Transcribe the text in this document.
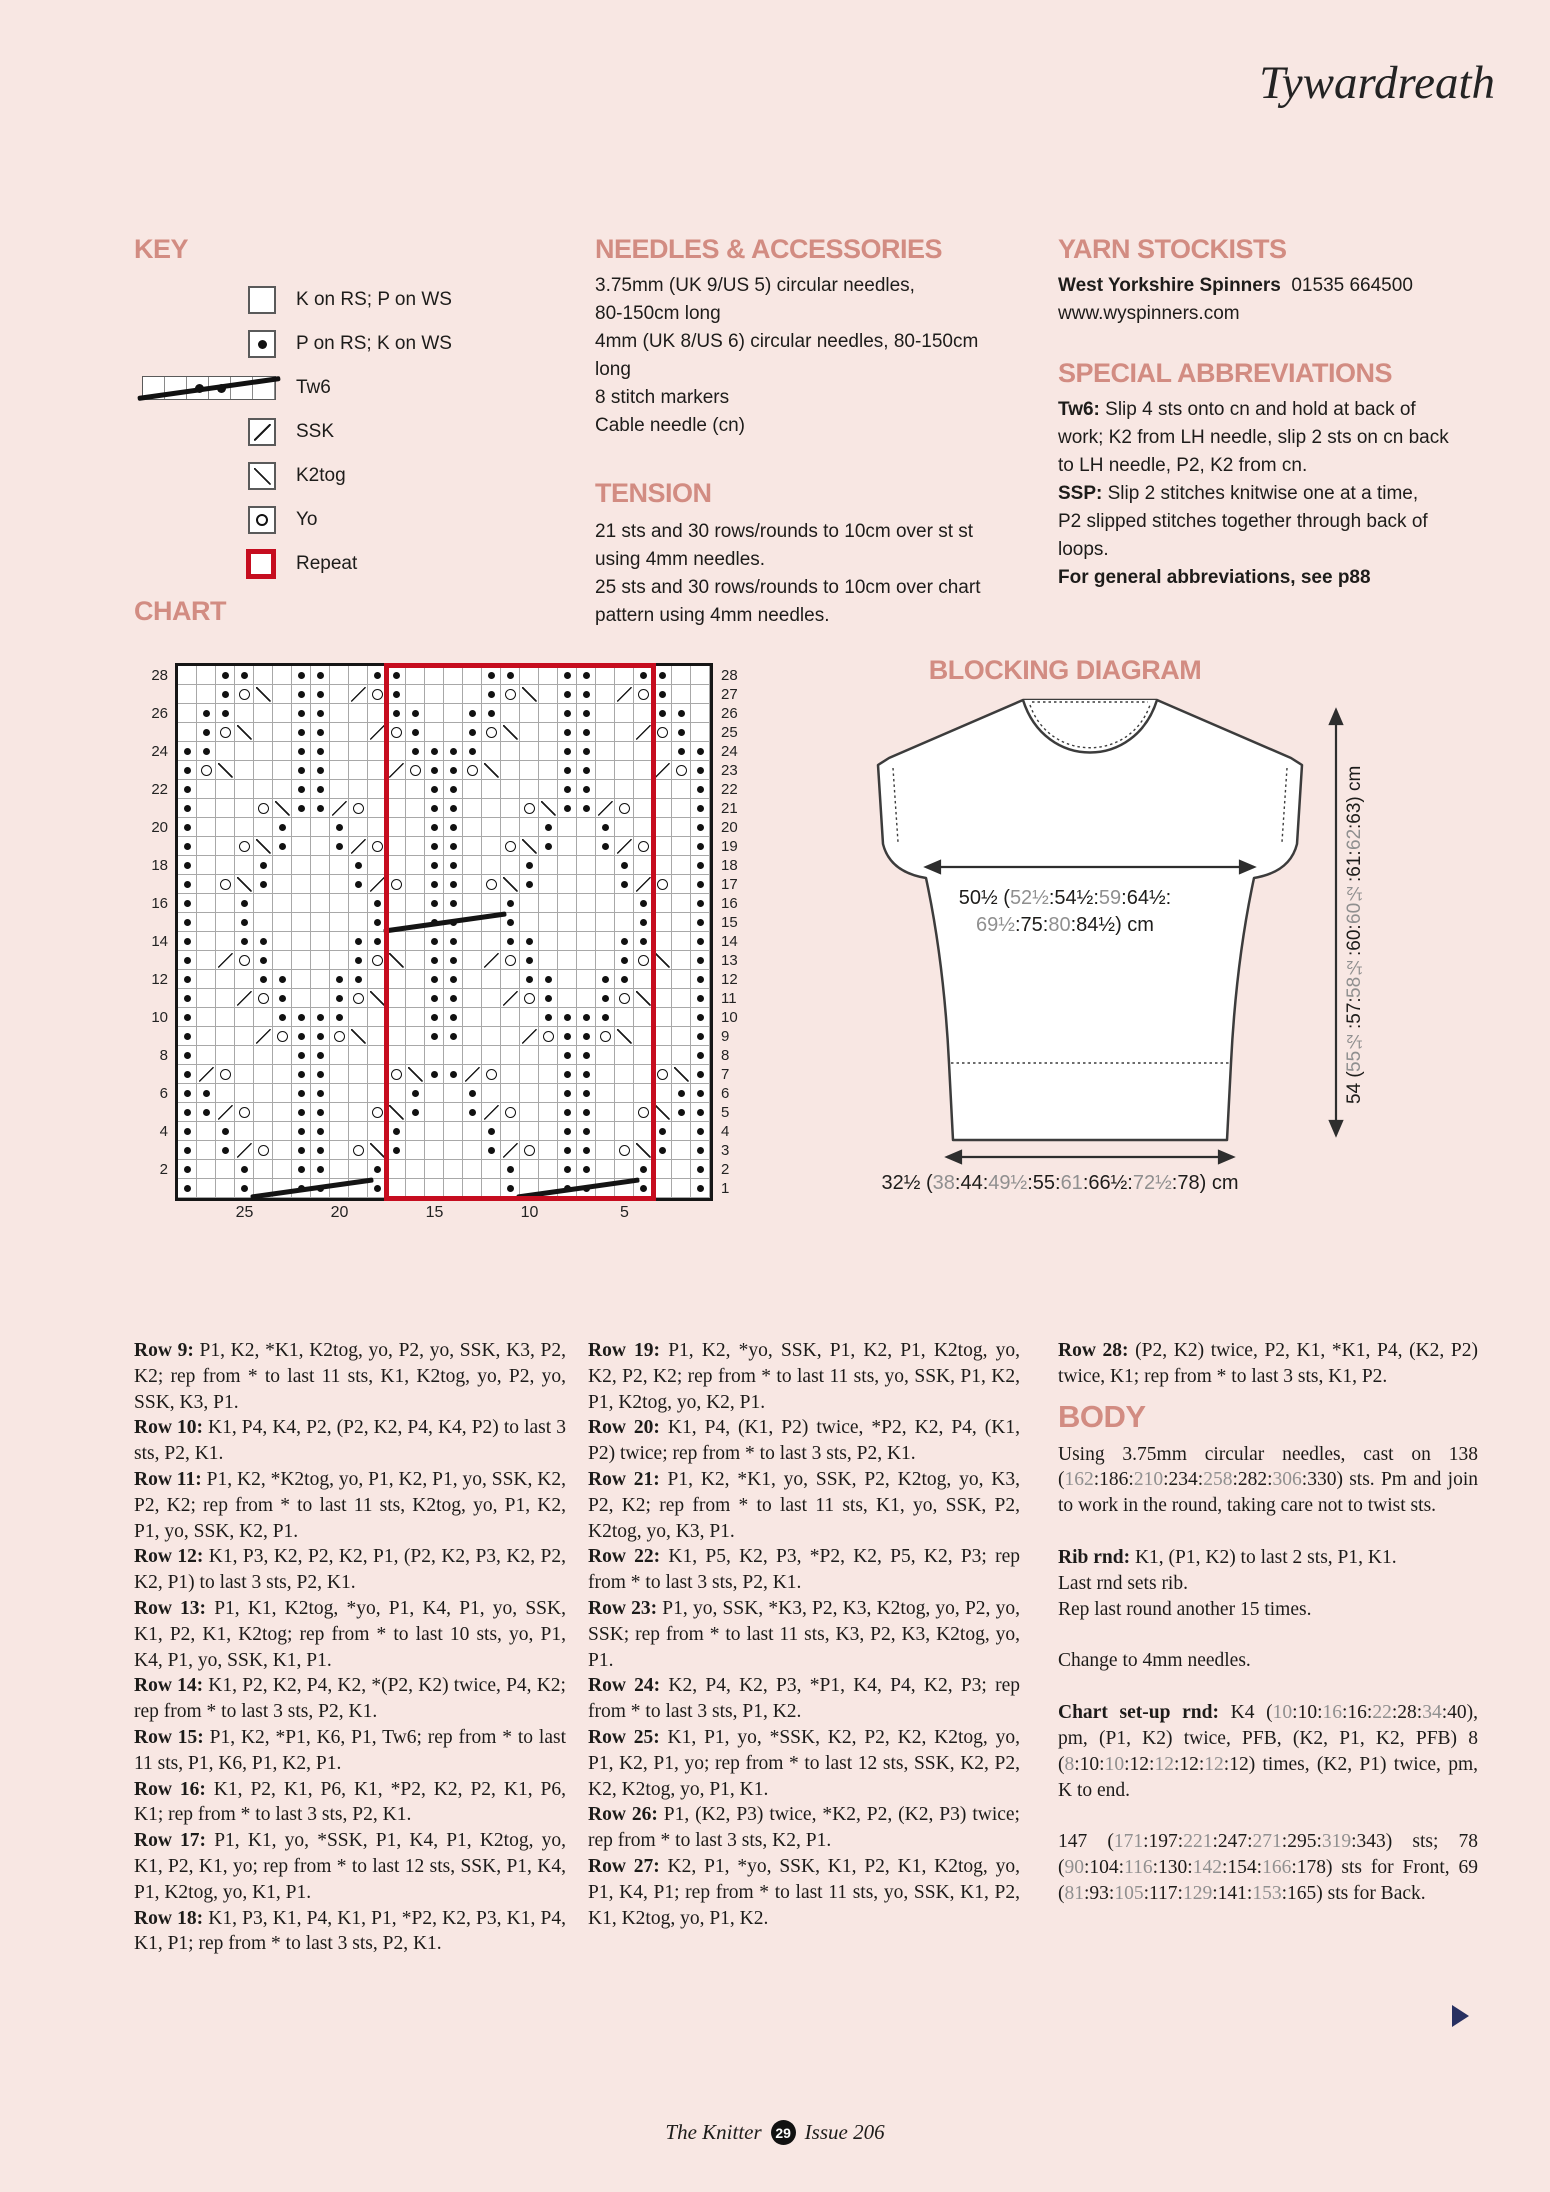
Tywardreath
KEY
K on RS; P on WS
P on RS; K on WS
Tw6
SSK
K2tog
Yo
Repeat
CHART
28
28
27
26
26
25
24
24
23
22
22
21
20
20
19
18
18
17
16
16
15
14
14
13
12
12
11
10
10
9
8
8
7
6
6
5
4
4
3
2
2
1
25	20	15	10	5
NEEDLES & ACCESSORIES
3.75mm (UK 9/US 5) circular needles,
80-150cm long
4mm (UK 8/US 6) circular needles, 80-150cm
long
8 stitch markers
Cable needle (cn)
TENSION
21 sts and 30 rows/rounds to 10cm over st st
using 4mm needles.
25 sts and 30 rows/rounds to 10cm over chart
pattern using 4mm needles.
YARN STOCKISTS
West Yorkshire Spinners  01535 664500
www.wyspinners.com
SPECIAL ABBREVIATIONS
Tw6: Slip 4 sts onto cn and hold at back of
work; K2 from LH needle, slip 2 sts on cn back
to LH needle, P2, K2 from cn.
SSP: Slip 2 stitches knitwise one at a time,
P2 slipped stitches together through back of
loops.
For general abbreviations, see p88
BLOCKING DIAGRAM
50½ (52½:54½:59:64½:
69½:75:80:84½) cm
54 (
55½
:57:
58½
:60:
60½
:61:
62
:63) cm
32½ (38:44:49½:55:61:66½:72½:78) cm

Row 9: P1, K2, *K1, K2tog, yo, P2, yo, SSK, K3, P2, K2; rep from * to last 11 sts, K1, K2tog, yo, P2, yo, SSK, K3, P1.

Row 10: K1, P4, K4, P2, (P2, K2, P4, K4, P2) to last 3 sts, P2, K1.

Row 11: P1, K2, *K2tog, yo, P1, K2, P1, yo, SSK, K2, P2, K2; rep from * to last 11 sts, K2tog, yo, P1, K2, P1, yo, SSK, K2, P1.

Row 12: K1, P3, K2, P2, K2, P1, (P2, K2, P3, K2, P2, K2, P1) to last 3 sts, P2, K1.

Row 13: P1, K1, K2tog, *yo, P1, K4, P1, yo, SSK, K1, P2, K1, K2tog; rep from * to last 10 sts, yo, P1, K4, P1, yo, SSK, K1, P1.

Row 14: K1, P2, K2, P4, K2, *(P2, K2) twice, P4, K2; rep from * to last 3 sts, P2, K1.

Row 15: P1, K2, *P1, K6, P1, Tw6; rep from * to last 11 sts, P1, K6, P1, K2, P1.

Row 16: K1, P2, K1, P6, K1, *P2, K2, P2, K1, P6, K1; rep from * to last 3 sts, P2, K1.

Row 17: P1, K1, yo, *SSK, P1, K4, P1, K2tog, yo, K1, P2, K1, yo; rep from * to last 12 sts, SSK, P1, K4, P1, K2tog, yo, K1, P1.

Row 18: K1, P3, K1, P4, K1, P1, *P2, K2, P3, K1, P4, K1, P1; rep from * to last 3 sts, P2, K1.

Row 19: P1, K2, *yo, SSK, P1, K2, P1, K2tog, yo, K2, P2, K2; rep from * to last 11 sts, yo, SSK, P1, K2, P1, K2tog, yo, K2, P1.

Row 20: K1, P4, (K1, P2) twice, *P2, K2, P4, (K1, P2) twice; rep from * to last 3 sts, P2, K1.

Row 21: P1, K2, *K1, yo, SSK, P2, K2tog, yo, K3, P2, K2; rep from * to last 11 sts, K1, yo, SSK, P2, K2tog, yo, K3, P1.

Row 22: K1, P5, K2, P3, *P2, K2, P5, K2, P3; rep from * to last 3 sts, P2, K1.

Row 23: P1, yo, SSK, *K3, P2, K3, K2tog, yo, P2, yo, SSK; rep from * to last 11 sts, K3, P2, K3, K2tog, yo, P1.

Row 24: K2, P4, K2, P3, *P1, K4, P4, K2, P3; rep from * to last 3 sts, P1, K2.

Row 25: K1, P1, yo, *SSK, K2, P2, K2, K2tog, yo, P1, K2, P1, yo; rep from * to last 12 sts, SSK, K2, P2, K2, K2tog, yo, P1, K1.

Row 26: P1, (K2, P3) twice, *K2, P2, (K2, P3) twice; rep from * to last 3 sts, K2, P1.

Row 27: K2, P1, *yo, SSK, K1, P2, K1, K2tog, yo, P1, K4, P1; rep from * to last 11 sts, yo, SSK, K1, P2, K1, K2tog, yo, P1, K2.

Row 28: (P2, K2) twice, P2, K1, *K1, P4, (K2, P2) twice, K1; rep from * to last 3 sts, K1, P2.

BODY

Using 3.75mm circular needles, cast on 138 (162:186:210:234:258:282:306:330) sts. Pm and join to work in the round, taking care not to twist sts.

Rib rnd: K1, (P1, K2) to last 2 sts, P1, K1.

Last rnd sets rib.

Rep last round another 15 times.

Change to 4mm needles.

Chart set-up rnd: K4 (10:10:16:16:22:28:34:40), pm, (P1, K2) twice, PFB, (K2, P1, K2, PFB) 8 (8:10:10:12:12:12:12:12) times, (K2, P1) twice, pm, K to end.

147 (171:197:221:247:271:295:319:343) sts; 78 (90:104:116:130:142:154:166:178) sts for Front, 69 (81:93:105:117:129:141:153:165) sts for Back.

The Knitter 29 Issue 206
